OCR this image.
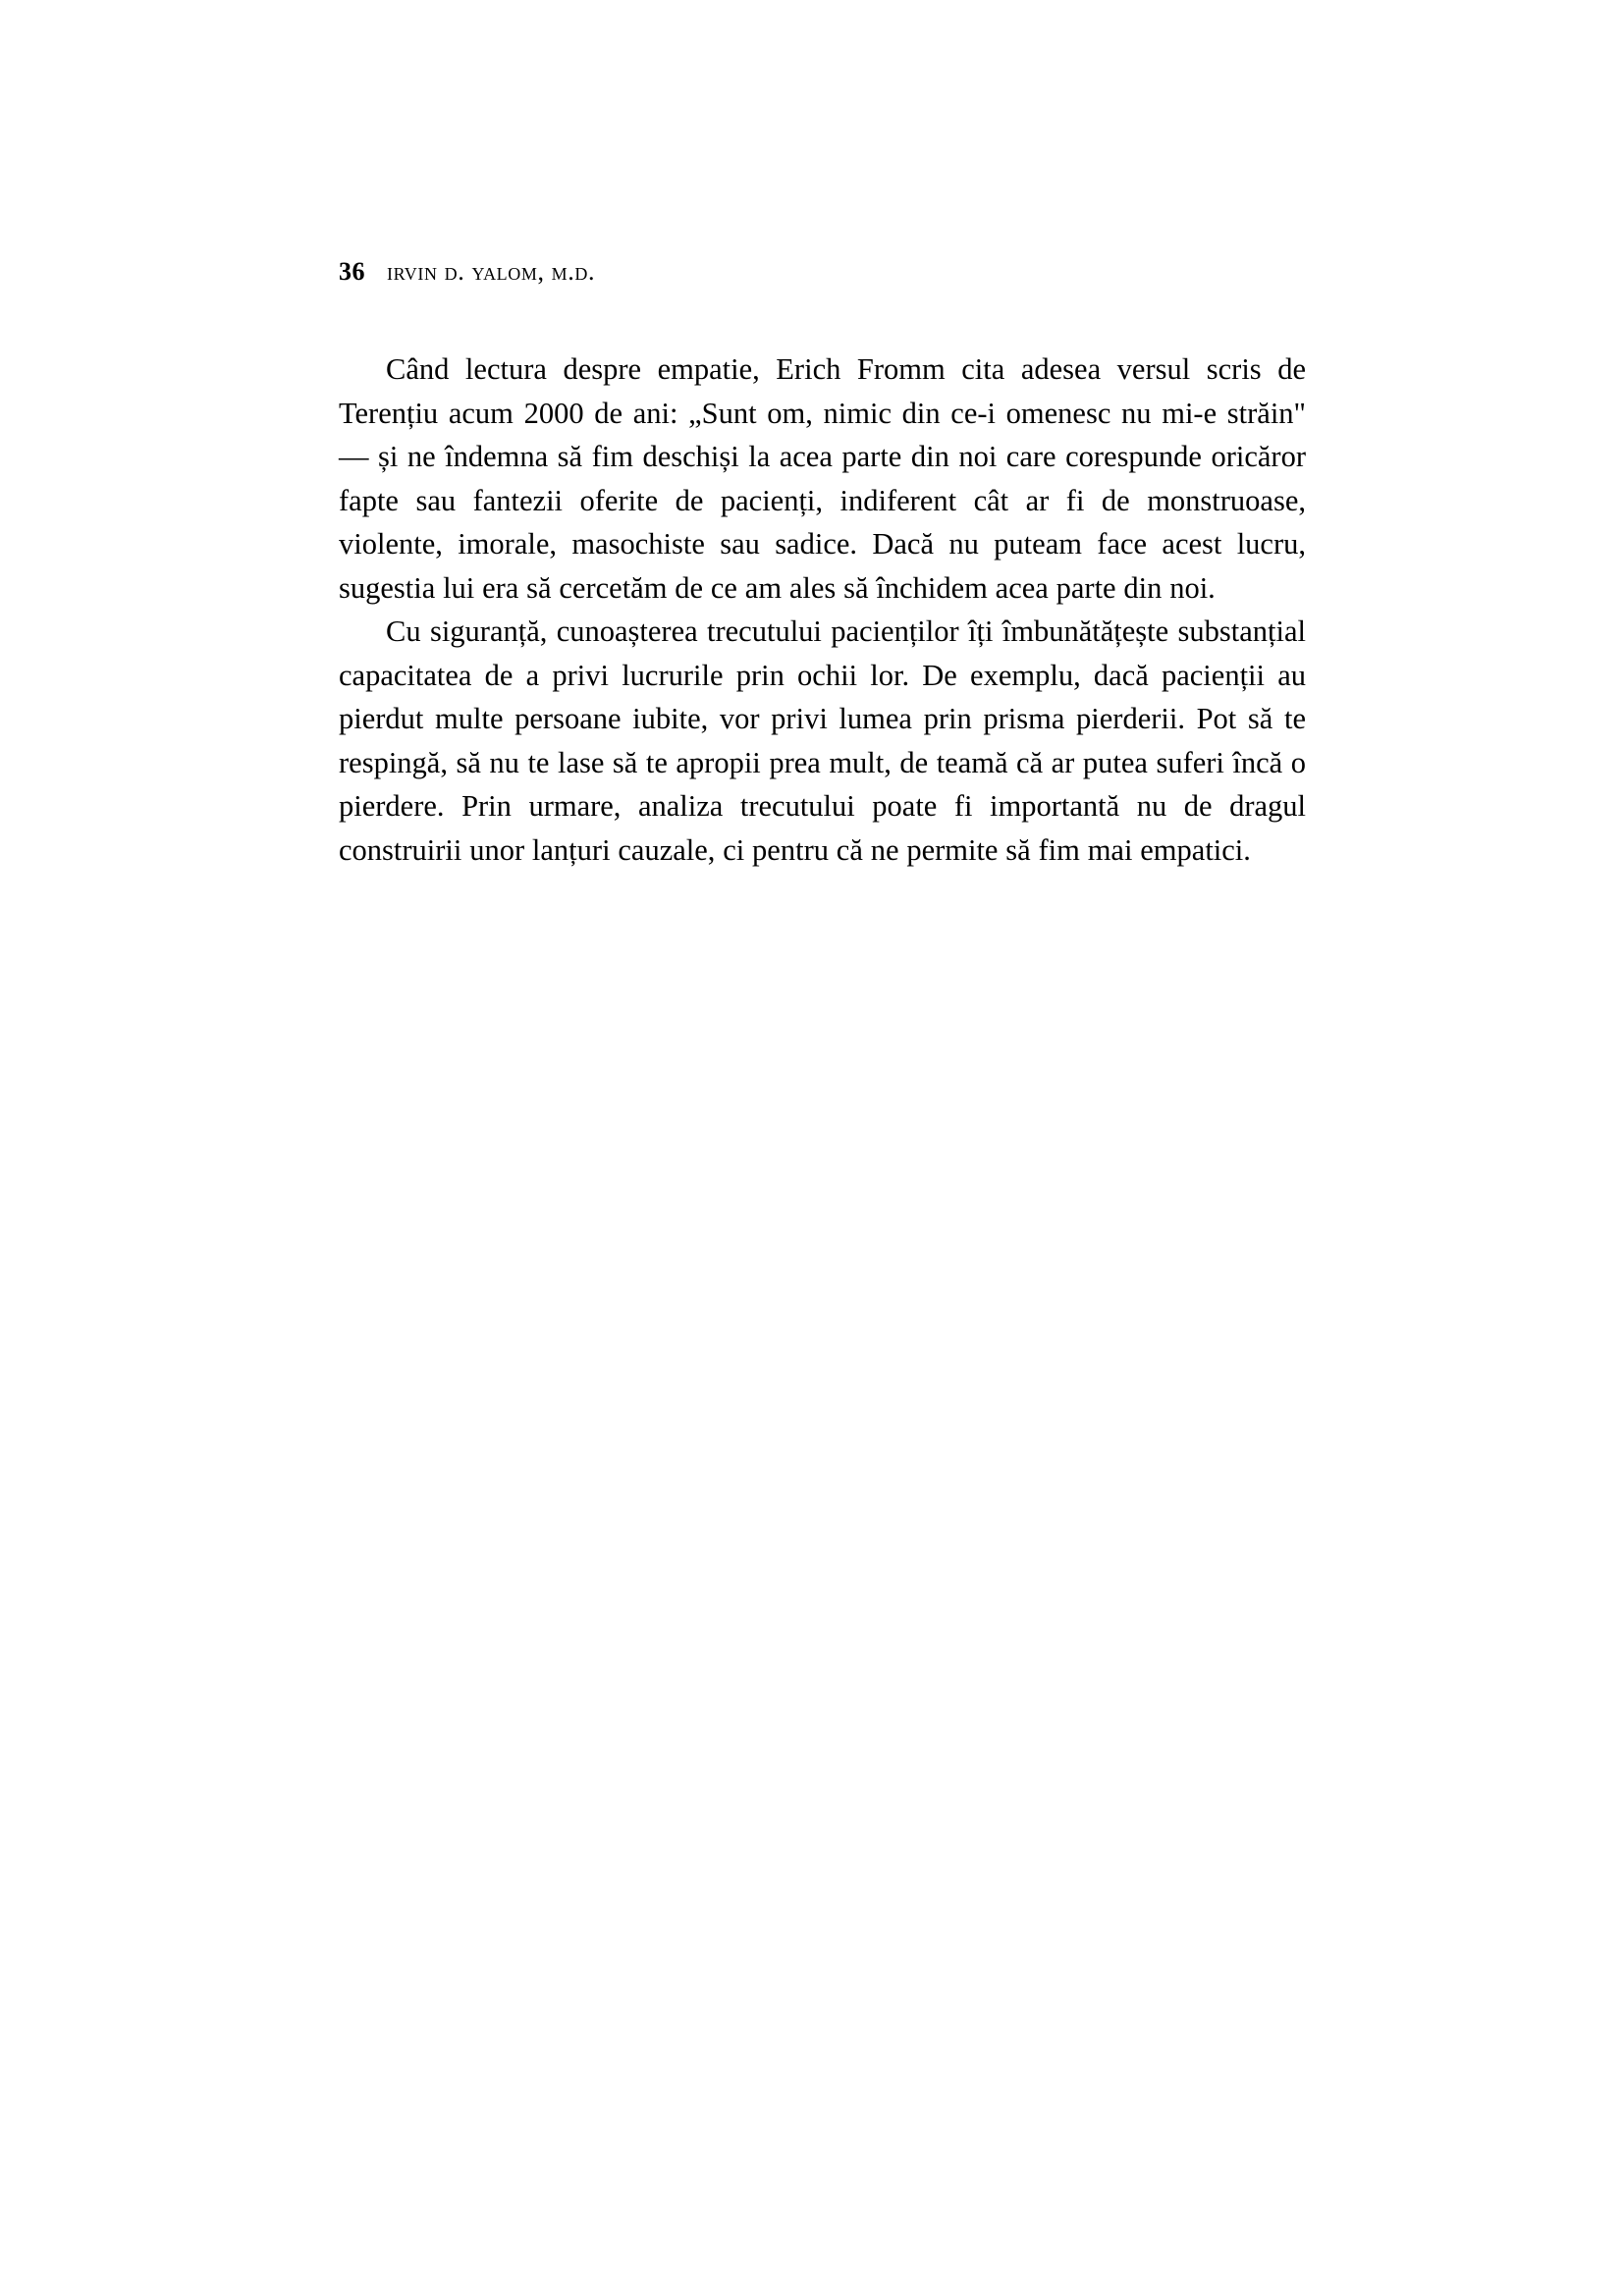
36 irvin d. yalom, m.d.

Când lectura despre empatie, Erich Fromm cita adesea versul scris de Terențiu acum 2000 de ani: „Sunt om, nimic din ce-i omenesc nu mi-e străin" — și ne îndemna să fim deschiși la acea parte din noi care corespunde oricăror fapte sau fantezii oferite de pacienți, indiferent cât ar fi de monstruoase, violente, imorale, masochiste sau sadice. Dacă nu puteam face acest lucru, sugestia lui era să cercetăm de ce am ales să închidem acea parte din noi.

Cu siguranță, cunoașterea trecutului pacienților îți îmbunătățește substanțial capacitatea de a privi lucrurile prin ochii lor. De exemplu, dacă pacienții au pierdut multe persoane iubite, vor privi lumea prin prisma pierderii. Pot să te respingă, să nu te lase să te apropii prea mult, de teamă că ar putea suferi încă o pierdere. Prin urmare, analiza trecutului poate fi importantă nu de dragul construirii unor lanțuri cauzale, ci pentru că ne permite să fim mai empatici.
